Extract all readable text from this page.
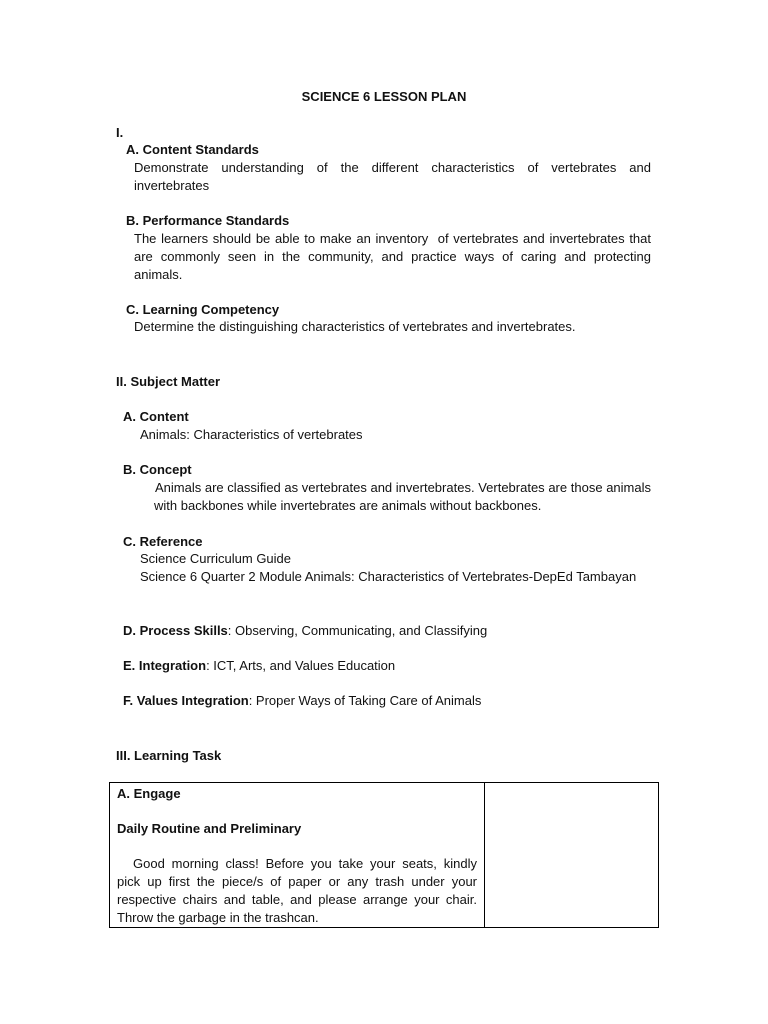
SCIENCE 6 LESSON PLAN
I.
A. Content Standards
Demonstrate understanding of the different characteristics of vertebrates and invertebrates
B. Performance Standards
The learners should be able to make an inventory  of vertebrates and invertebrates that are commonly seen in the community, and practice ways of caring and protecting animals.
C. Learning Competency
Determine the distinguishing characteristics of vertebrates and invertebrates.
II. Subject Matter
A. Content
Animals: Characteristics of vertebrates
B. Concept
Animals are classified as vertebrates and invertebrates. Vertebrates are those animals with backbones while invertebrates are animals without backbones.
C. Reference
Science Curriculum Guide
Science 6 Quarter 2 Module Animals: Characteristics of Vertebrates-DepEd Tambayan
D. Process Skills: Observing, Communicating, and Classifying
E. Integration: ICT, Arts, and Values Education
F. Values Integration: Proper Ways of Taking Care of Animals
III. Learning Task

A. Engage

Daily Routine and Preliminary

Good morning class! Before you take your seats, kindly pick up first the piece/s of paper or any trash under your respective chairs and table, and please arrange your chair. Throw the garbage in the trashcan.
